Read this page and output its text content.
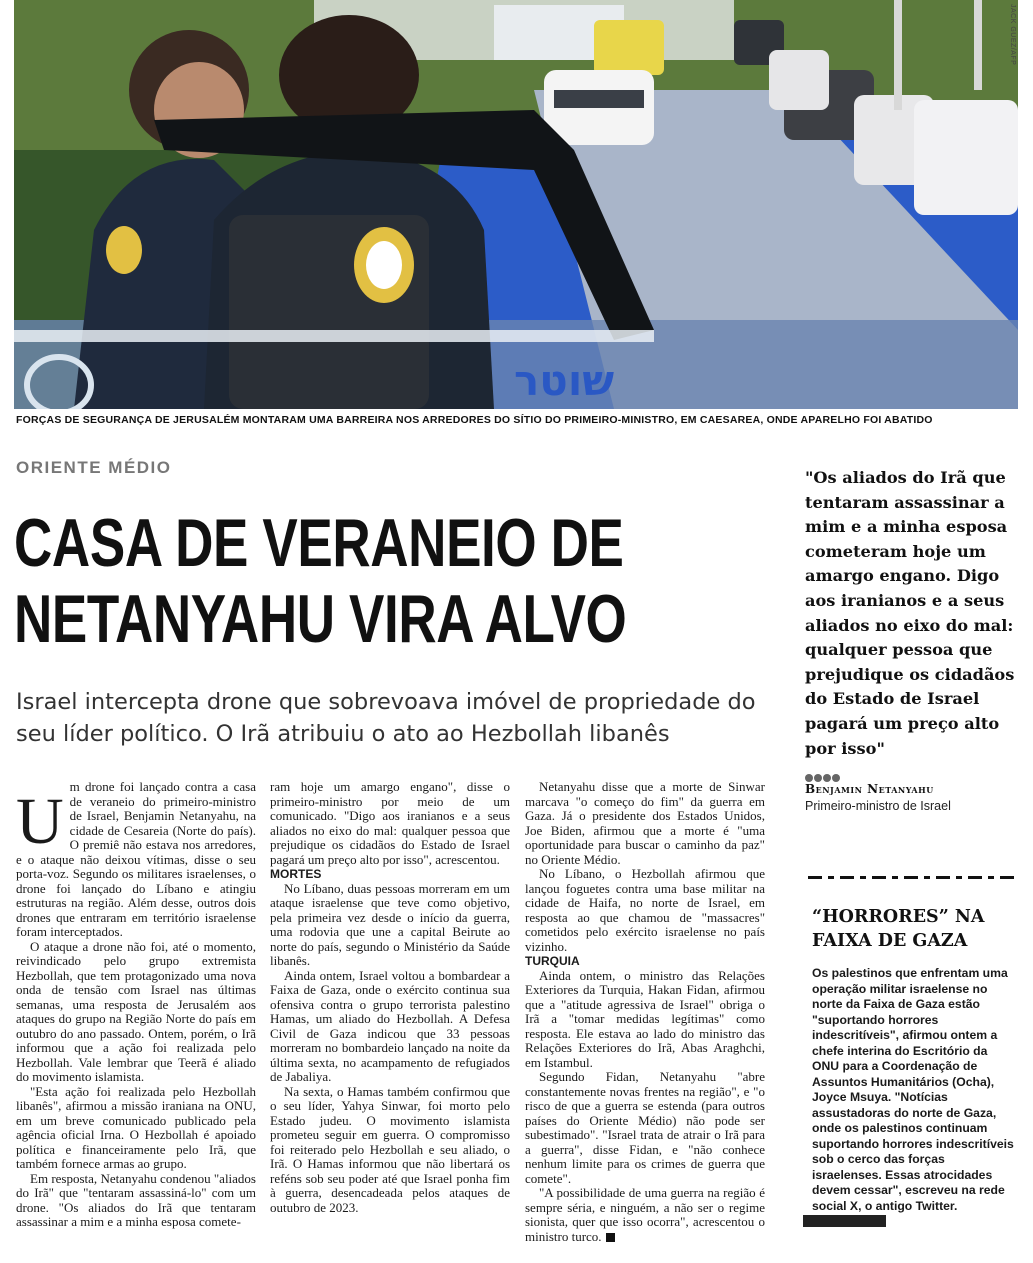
שוטר
JACK GUEZ/AFP
FORÇAS DE SEGURANÇA DE JERUSALÉM MONTARAM UMA BARREIRA NOS ARREDORES DO SÍTIO DO PRIMEIRO-MINISTRO, EM CAESAREA, ONDE APARELHO FOI ABATIDO
ORIENTE MÉDIO
CASA DE VERANEIO DE
NETANYAHU VIRA ALVO
Israel intercepta drone que sobrevoava imóvel de propriedade do seu líder político. O Irã atribuiu o ato ao Hezbollah libanês

Um drone foi lançado contra a casa de veraneio do primeiro-ministro de Israel, Benjamin Netanyahu, na cidade de Cesareia (Norte do país). O premiê não estava nos arredores, e o ataque não deixou vítimas, disse o seu porta-voz. Segundo os militares israelenses, o drone foi lançado do Líbano e atingiu estruturas na região. Além desse, outros dois drones que entraram em território israelense foram interceptados.

O ataque a drone não foi, até o momento, reivindicado pelo grupo extremista Hezbollah, que tem protagonizado uma nova onda de tensão com Israel nas últimas semanas, uma resposta de Jerusalém aos ataques do grupo na Região Norte do país em outubro do ano passado. Ontem, porém, o Irã informou que a ação foi realizada pelo Hezbollah. Vale lembrar que Teerã é aliado do movimento islamista.

"Esta ação foi realizada pelo Hezbollah libanês", afirmou a missão iraniana na ONU, em um breve comunicado publicado pela agência oficial Irna. O Hezbollah é apoiado política e financeiramente pelo Irã, que também fornece armas ao grupo.

Em resposta, Netanyahu condenou "aliados do Irã" que "tentaram assassiná-lo" com um drone. "Os aliados do Irã que tentaram assassinar a mim e a minha esposa comete-

ram hoje um amargo engano", disse o primeiro-ministro por meio de um comunicado. "Digo aos iranianos e a seus aliados no eixo do mal: qualquer pessoa que prejudique os cidadãos do Estado de Israel pagará um preço alto por isso", acrescentou.

MORTES

No Líbano, duas pessoas morreram em um ataque israelense que teve como objetivo, pela primeira vez desde o início da guerra, uma rodovia que une a capital Beirute ao norte do país, segundo o Ministério da Saúde libanês.

Ainda ontem, Israel voltou a bombardear a Faixa de Gaza, onde o exército continua sua ofensiva contra o grupo terrorista palestino Hamas, um aliado do Hezbollah. A Defesa Civil de Gaza indicou que 33 pessoas morreram no bombardeio lançado na noite da última sexta, no acampamento de refugiados de Jabaliya.

Na sexta, o Hamas também confirmou que o seu líder, Yahya Sinwar, foi morto pelo Estado judeu. O movimento islamista prometeu seguir em guerra. O compromisso foi reiterado pelo Hezbollah e seu aliado, o Irã. O Hamas informou que não libertará os reféns sob seu poder até que Israel ponha fim à guerra, desencadeada pelos ataques de outubro de 2023.

Netanyahu disse que a morte de Sinwar marcava "o começo do fim" da guerra em Gaza. Já o presidente dos Estados Unidos, Joe Biden, afirmou que a morte é "uma oportunidade para buscar o caminho da paz" no Oriente Médio.

No Líbano, o Hezbollah afirmou que lançou foguetes contra uma base militar na cidade de Haifa, no norte de Israel, em resposta ao que chamou de "massacres" cometidos pelo exército israelense no país vizinho.

TURQUIA

Ainda ontem, o ministro das Relações Exteriores da Turquia, Hakan Fidan, afirmou que a "atitude agressiva de Israel" obriga o Irã a "tomar medidas legítimas" como resposta. Ele estava ao lado do ministro das Relações Exteriores do Irã, Abas Araghchi, em Istambul.

Segundo Fidan, Netanyahu "abre constantemente novas frentes na região", e "o risco de que a guerra se estenda (para outros países do Oriente Médio) não pode ser subestimado". "Israel trata de atrair o Irã para a guerra", disse Fidan, e "não conhece nenhum limite para os crimes de guerra que comete".

"A possibilidade de uma guerra na região é sempre séria, e ninguém, a não ser o regime sionista, quer que isso ocorra", acrescentou o ministro turco.

"Os aliados do Irã que tentaram assassinar a mim e a minha esposa cometeram hoje um amargo engano. Digo aos iranianos e a seus aliados no eixo do mal: qualquer pessoa que prejudique os cidadãos do Estado de Israel pagará um preço alto por isso"
Benjamin Netanyahu
Primeiro-ministro de Israel
“HORRORES” NA FAIXA DE GAZA
Os palestinos que enfrentam uma operação militar israelense no norte da Faixa de Gaza estão "suportando horrores indescritíveis", afirmou ontem a chefe interina do Escritório da ONU para a Coordenação de Assuntos Humanitários (Ocha), Joyce Msuya. "Notícias assustadoras do norte de Gaza, onde os palestinos continuam suportando horrores indescritíveis sob o cerco das forças israelenses. Essas atrocidades devem cessar", escreveu na rede social X, o antigo Twitter.
